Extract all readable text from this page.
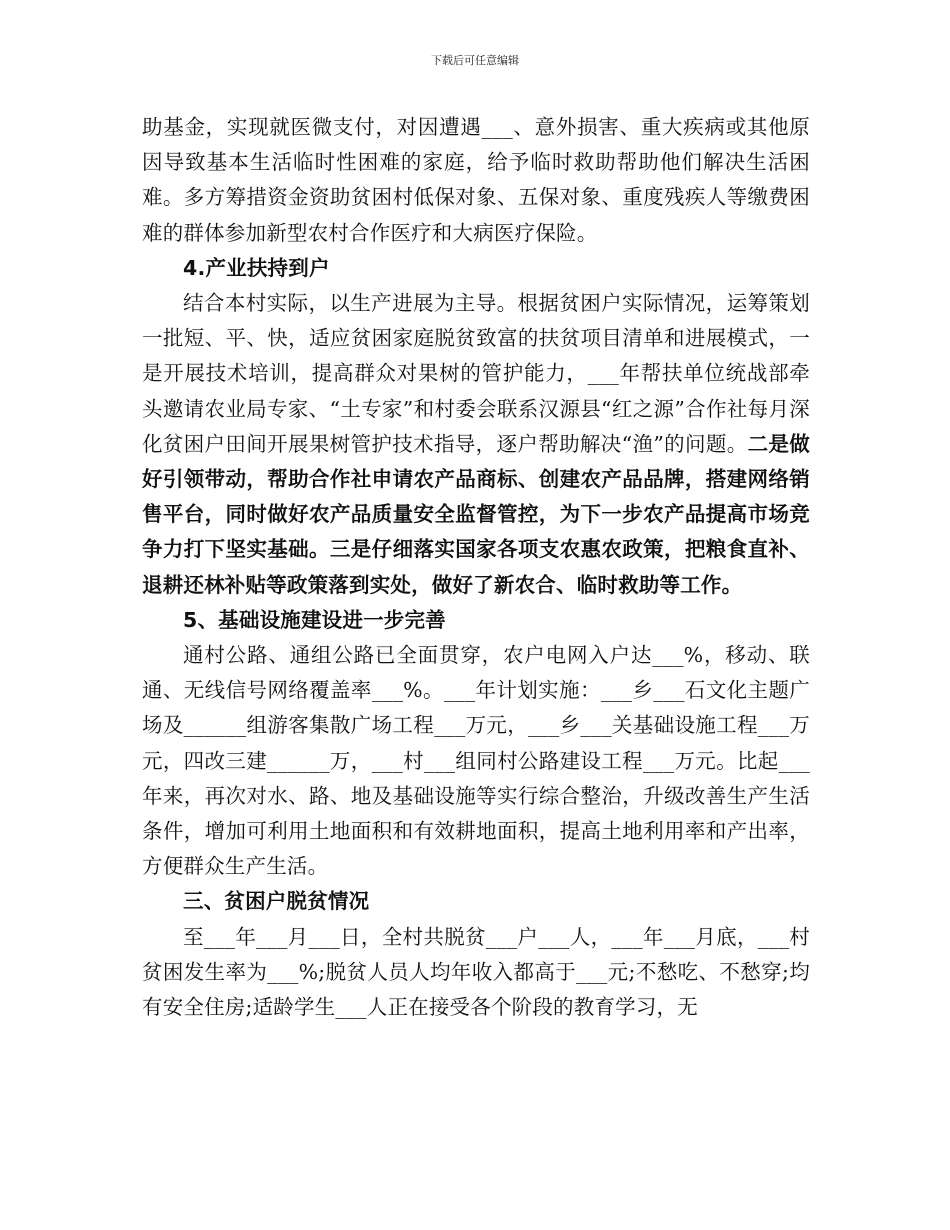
下载后可任意编辑

助基金，实现就医微支付，对因遭遇___、意外损害、重大疾病或其他原因导致基本生活临时性困难的家庭，给予临时救助帮助他们解决生活困难。多方筹措资金资助贫困村低保对象、五保对象、重度残疾人等缴费困难的群体参加新型农村合作医疗和大病医疗保险。

4.产业扶持到户

结合本村实际，以生产进展为主导。根据贫困户实际情况，运筹策划一批短、平、快，适应贫困家庭脱贫致富的扶贫项目清单和进展模式，一是开展技术培训，提高群众对果树的管护能力，___年帮扶单位统战部牵头邀请农业局专家、“土专家”和村委会联系汉源县“红之源”合作社每月深化贫困户田间开展果树管护技术指导，逐户帮助解决“渔”的问题。二是做好引领带动，帮助合作社申请农产品商标、创建农产品品牌，搭建网络销售平台，同时做好农产品质量安全监督管控，为下一步农产品提高市场竞争力打下坚实基础。三是仔细落实国家各项支农惠农政策，把粮食直补、退耕还林补贴等政策落到实处，做好了新农合、临时救助等工作。

5、基础设施建设进一步完善

通村公路、通组公路已全面贯穿，农户电网入户达___%，移动、联通、无线信号网络覆盖率___%。___年计划实施：___乡___石文化主题广场及______组游客集散广场工程___万元，___乡___关基础设施工程___万元，四改三建______万，___村___组同村公路建设工程___万元。比起___年来，再次对水、路、地及基础设施等实行综合整治，升级改善生产生活条件，增加可利用土地面积和有效耕地面积，提高土地利用率和产出率，方便群众生产生活。

三、贫困户脱贫情况

至___年___月___日，全村共脱贫___户___人，___年___月底，___村贫困发生率为___%;脱贫人员人均年收入都高于___元;不愁吃、不愁穿;均有安全住房;适龄学生___人正在接受各个阶段的教育学习，无
